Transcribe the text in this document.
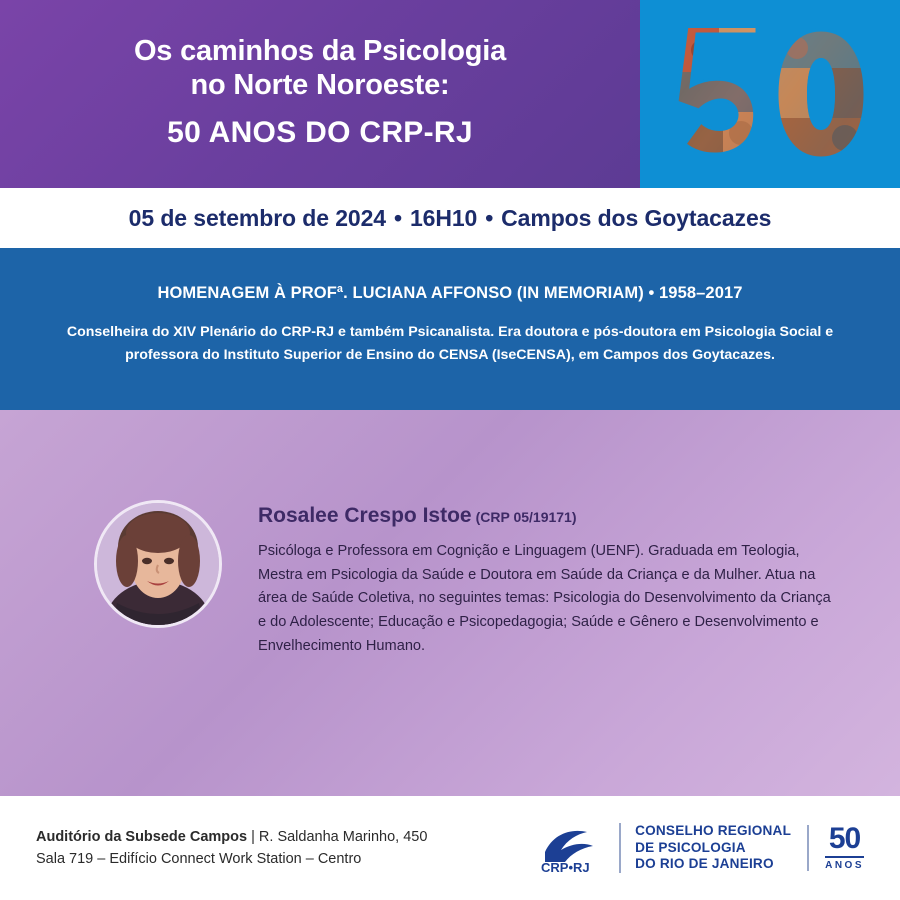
Os caminhos da Psicologia
no Norte Noroeste:
50 ANOS DO CRP-RJ
05 de setembro de 2024 • 16H10 • Campos dos Goytacazes
HOMENAGEM À PROFª. LUCIANA AFFONSO (IN MEMORIAM) • 1958–2017
Conselheira do XIV Plenário do CRP-RJ e também Psicanalista. Era doutora e pós-doutora em Psicologia Social e professora do Instituto Superior de Ensino do CENSA (IseCENSA), em Campos dos Goytacazes.
Rosalee Crespo Istoe (CRP 05/19171)
Psicóloga e Professora em Cognição e Linguagem (UENF). Graduada em Teologia, Mestra em Psicologia da Saúde e Doutora em Saúde da Criança e da Mulher. Atua na área de Saúde Coletiva, no seguintes temas: Psicologia do Desenvolvimento da Criança e do Adolescente; Educação e Psicopedagogia; Saúde e Gênero e Desenvolvimento e Envelhecimento Humano.
Auditório da Subsede Campos | R. Saldanha Marinho, 450
Sala 719 – Edifício Connect Work Station – Centro
CRP•RJ
CONSELHO REGIONAL
DE PSICOLOGIA
DO RIO DE JANEIRO
50
ANOS
